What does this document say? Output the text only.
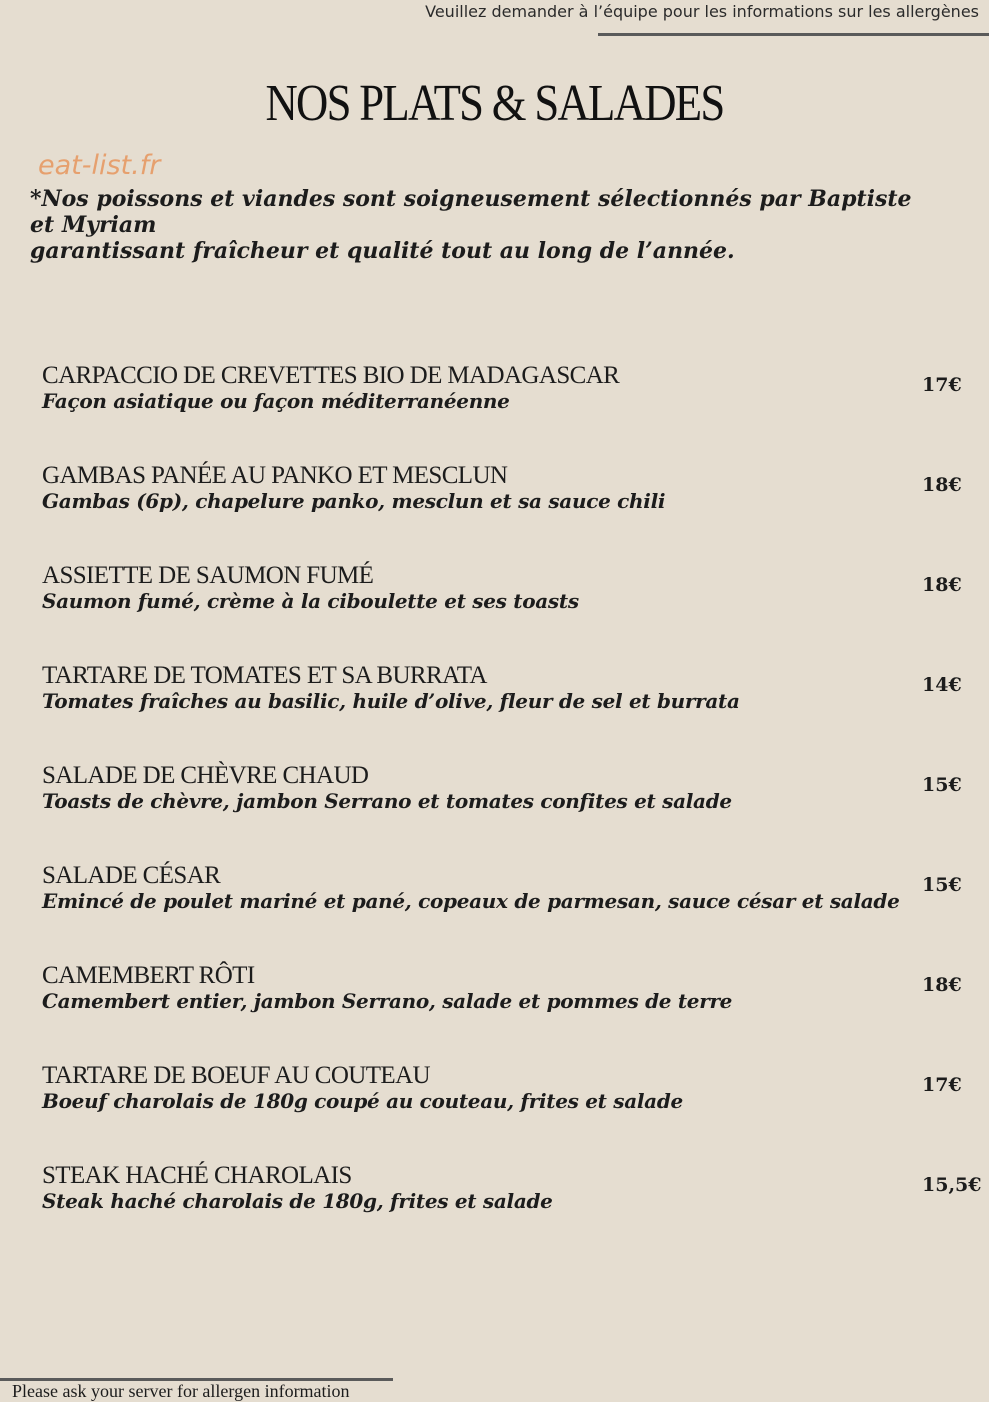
Veuillez demander à l’équipe pour les informations sur les allergènes
NOS PLATS & SALADES
eat-list.fr
*Nos poissons et viandes sont soigneusement sélectionnés par Baptiste et Myriam
garantissant fraîcheur et qualité tout au long de l’année.
CARPACCIO DE CREVETTES BIO DE MADAGASCAR
Façon asiatique ou façon méditerranéenne
17€
GAMBAS PANÉE AU PANKO ET MESCLUN
Gambas (6p), chapelure panko, mesclun et sa sauce chili
18€
ASSIETTE DE SAUMON FUMÉ
Saumon fumé, crème à la ciboulette et ses toasts
18€
TARTARE DE TOMATES ET SA BURRATA
Tomates fraîches au basilic, huile d’olive, fleur de sel et burrata
14€
SALADE DE CHÈVRE CHAUD
Toasts de chèvre, jambon Serrano et tomates confites et salade
15€
SALADE CÉSAR
Emincé de poulet mariné et pané, copeaux de parmesan, sauce césar et salade
15€
CAMEMBERT RÔTI
Camembert entier, jambon Serrano, salade et pommes de terre
18€
TARTARE DE BOEUF AU COUTEAU
Boeuf charolais de 180g coupé au couteau, frites et salade
17€
STEAK HACHÉ CHAROLAIS
Steak haché charolais de 180g, frites et salade
15,5€
Please ask your server for allergen information
